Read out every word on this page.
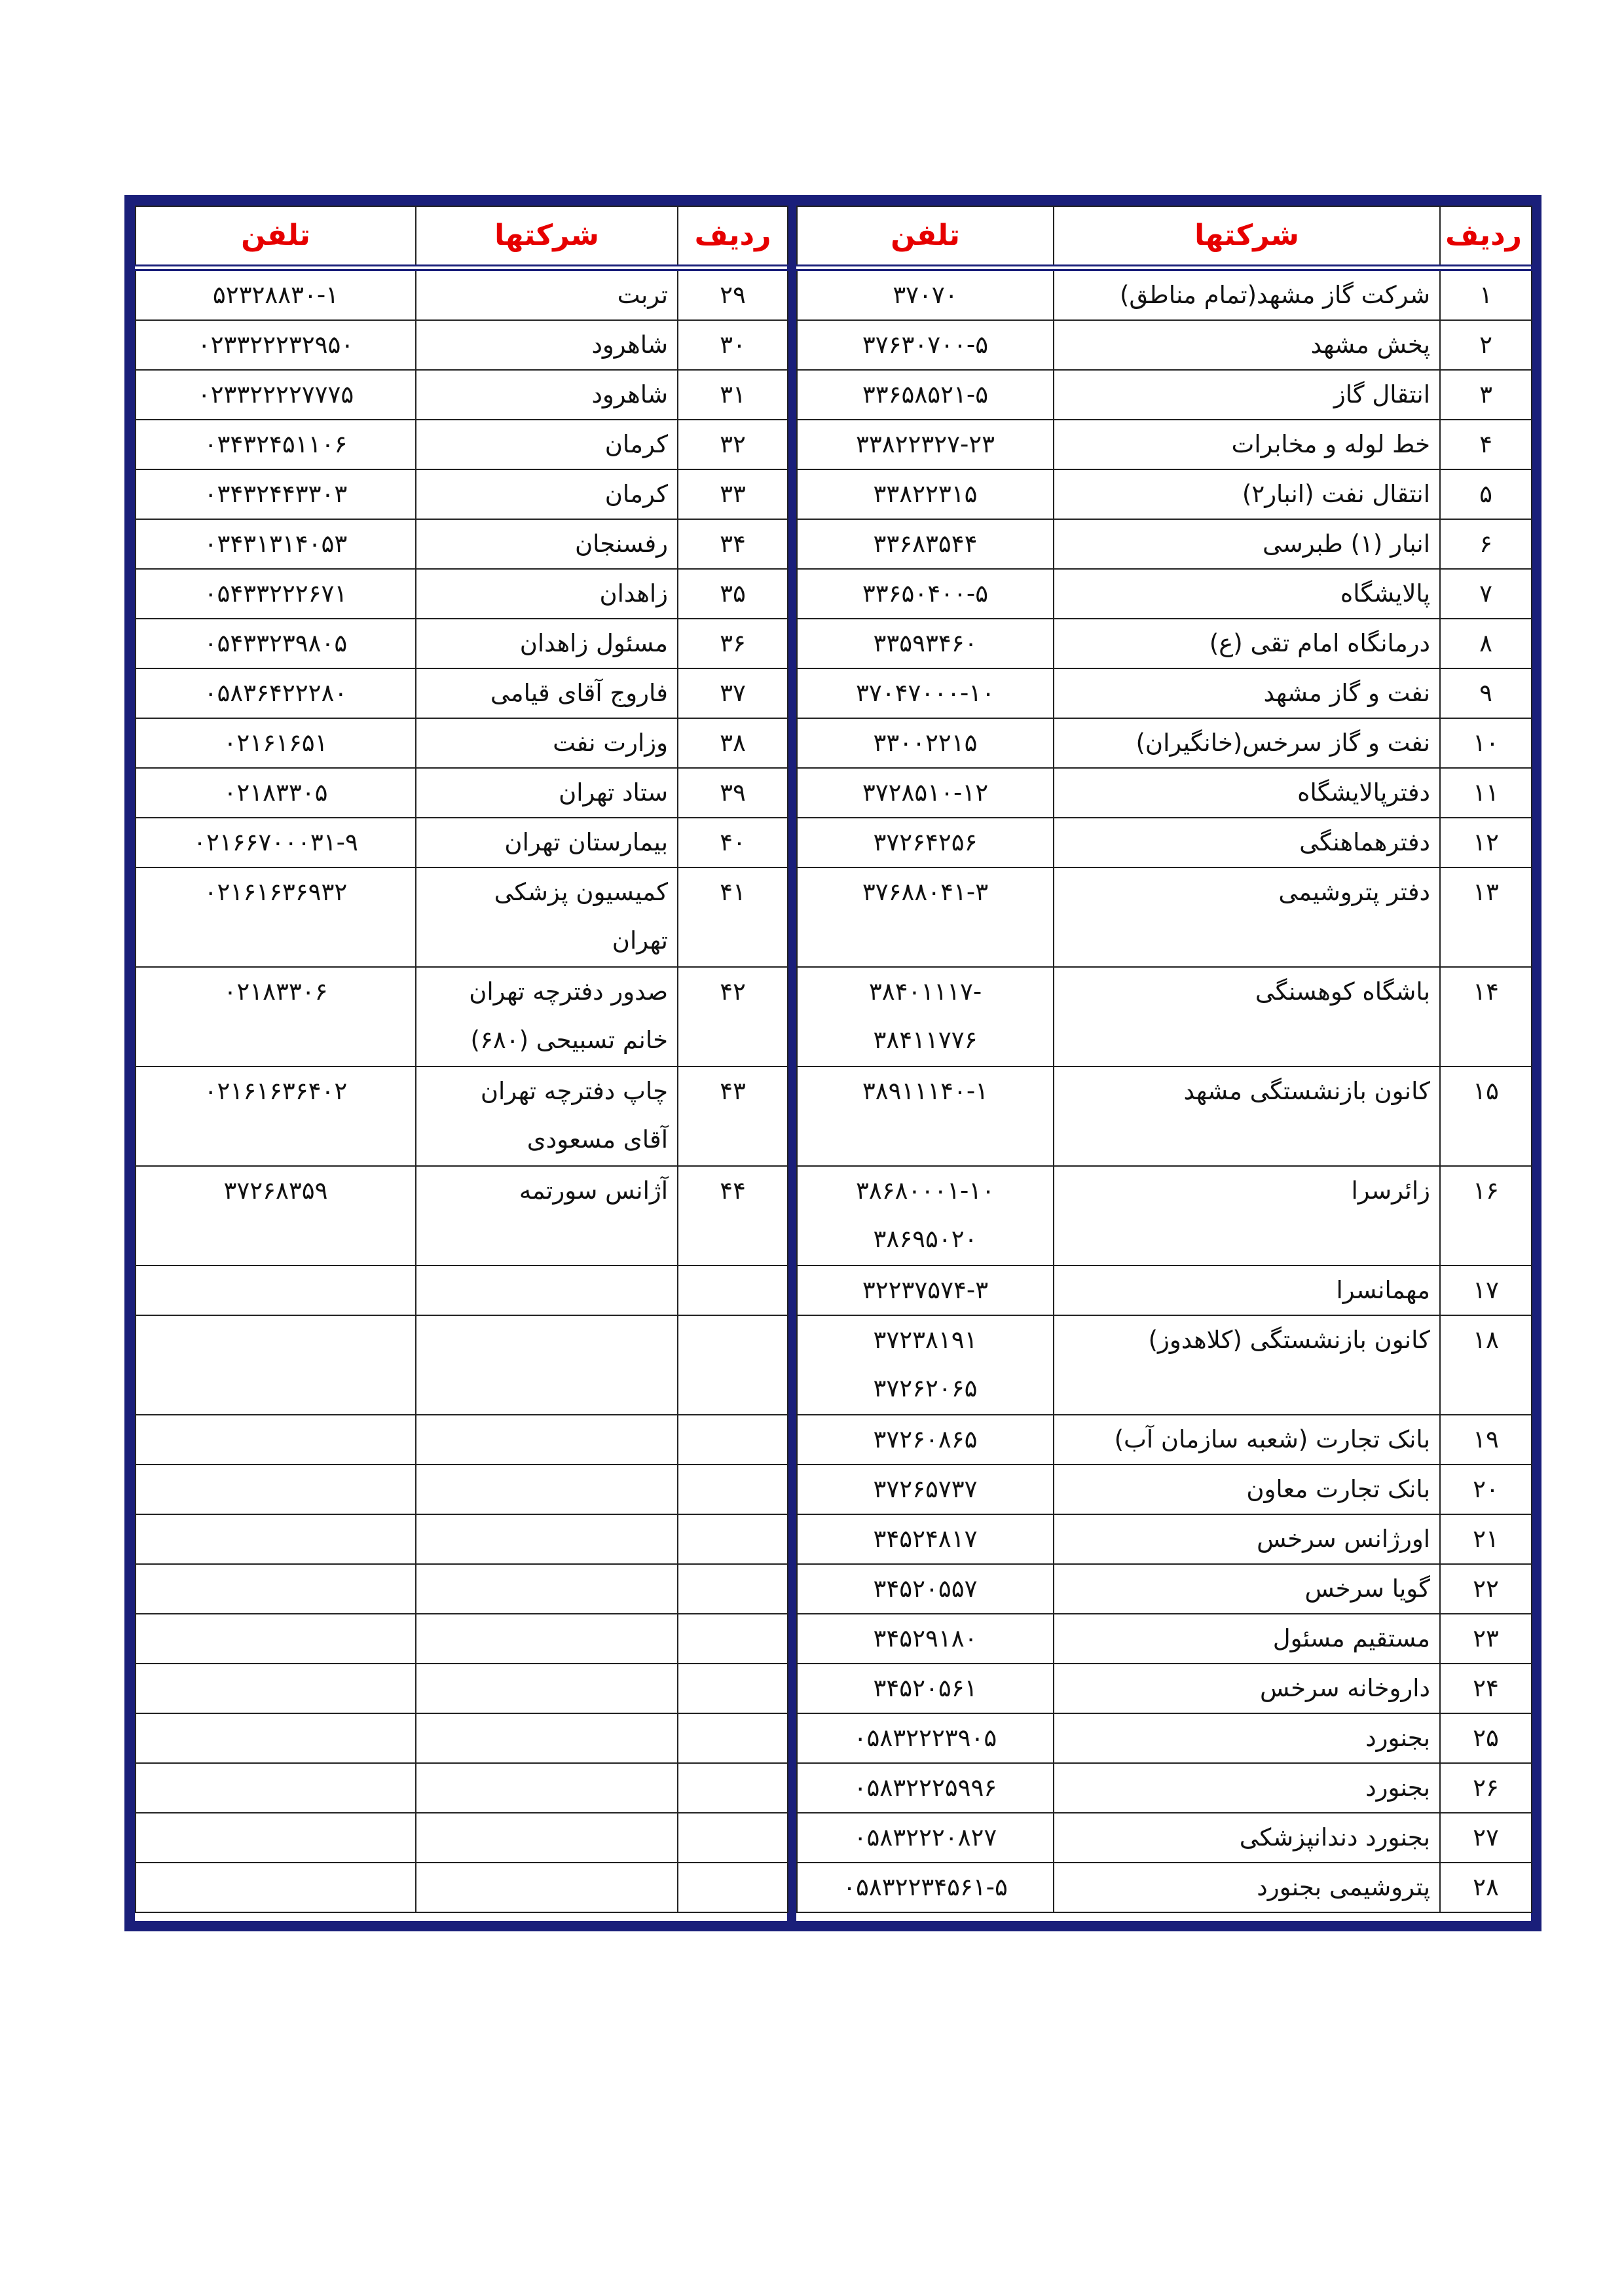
ردیف	شرکتها	تلفن
۱	شرکت گاز مشهد(تمام مناطق)	۳۷۰۷۰

۲	پخش مشهد	۳۷۶۳۰۷۰۰-۵

۳	انتقال گاز	۳۳۶۵۸۵۲۱-۵

۴	خط لوله و مخابرات	۳۳۸۲۲۳۲۷-۲۳

۵	انتقال نفت (انبار۲)	۳۳۸۲۲۳۱۵

۶	انبار (۱) طبرسی	۳۳۶۸۳۵۴۴

۷	پالایشگاه	۳۳۶۵۰۴۰۰-۵

۸	درمانگاه امام تقی (ع)	۳۳۵۹۳۴۶۰

۹	نفت و گاز مشهد	۳۷۰۴۷۰۰۰-۱۰

۱۰	نفت و گاز سرخس(خانگیران)	۳۳۰۰۲۲۱۵

۱۱	دفترپالایشگاه	۳۷۲۸۵۱۰-۱۲

۱۲	دفترهماهنگی	۳۷۲۶۴۲۵۶

۱۳	دفتر پتروشیمی	۳۷۶۸۸۰۴۱-۳

۱۴	باشگاه کوهسنگی	-۳۸۴۰۱۱۱۷
۳۸۴۱۱۷۷۶

۱۵	کانون بازنشستگی مشهد	۳۸۹۱۱۱۴۰-۱

۱۶	زائرسرا	۳۸۶۸۰۰۰۱-۱۰
۳۸۶۹۵۰۲۰

۱۷	مهمانسرا	۳۲۲۳۷۵۷۴-۳

۱۸	کانون بازنشستگی (کلاهدوز)	۳۷۲۳۸۱۹۱
۳۷۲۶۲۰۶۵

۱۹	بانک تجارت (شعبه سازمان آب)	۳۷۲۶۰۸۶۵

۲۰	بانک تجارت معاون	۳۷۲۶۵۷۳۷

۲۱	اورژانس سرخس	۳۴۵۲۴۸۱۷

۲۲	گویا سرخس	۳۴۵۲۰۵۵۷

۲۳	مستقیم مسئول	۳۴۵۲۹۱۸۰

۲۴	داروخانه سرخس	۳۴۵۲۰۵۶۱

۲۵	بجنورد	۰۵۸۳۲۲۲۳۹۰۵

۲۶	بجنورد	۰۵۸۳۲۲۲۵۹۹۶

۲۷	بجنورد دندانپزشکی	۰۵۸۳۲۲۲۰۸۲۷

۲۸	پتروشیمی بجنورد	۰۵۸۳۲۲۳۴۵۶۱-۵
ردیف	شرکتها	تلفن
۲۹	تربت	۵۲۳۲۸۸۳۰-۱

۳۰	شاهرود	۰۲۳۳۲۲۲۳۲۹۵۰

۳۱	شاهرود	۰۲۳۳۲۲۲۲۷۷۷۵

۳۲	کرمان	۰۳۴۳۲۴۵۱۱۰۶

۳۳	کرمان	۰۳۴۳۲۴۴۳۳۰۳

۳۴	رفسنجان	۰۳۴۳۱۳۱۴۰۵۳

۳۵	زاهدان	۰۵۴۳۳۲۲۲۶۷۱

۳۶	مسئول زاهدان	۰۵۴۳۳۲۳۹۸۰۵

۳۷	فاروج آقای قیامی	۰۵۸۳۶۴۲۲۲۸۰

۳۸	وزارت نفت	۰۲۱۶۱۶۵۱

۳۹	ستاد تهران	۰۲۱۸۳۳۰۵

۴۰	بیمارستان تهران	۰۲۱۶۶۷۰۰۰۳۱-۹

۴۱	کمیسیون پزشکی
تهران	۰۲۱۶۱۶۳۶۹۳۲

۴۲	صدور دفترچه تهران
خانم تسبیحی (۶۸۰)	۰۲۱۸۳۳۰۶

۴۳	چاپ دفترچه تهران
آقای مسعودی	۰۲۱۶۱۶۳۶۴۰۲

۴۴	آژانس سورتمه	۳۷۲۶۸۳۵۹
